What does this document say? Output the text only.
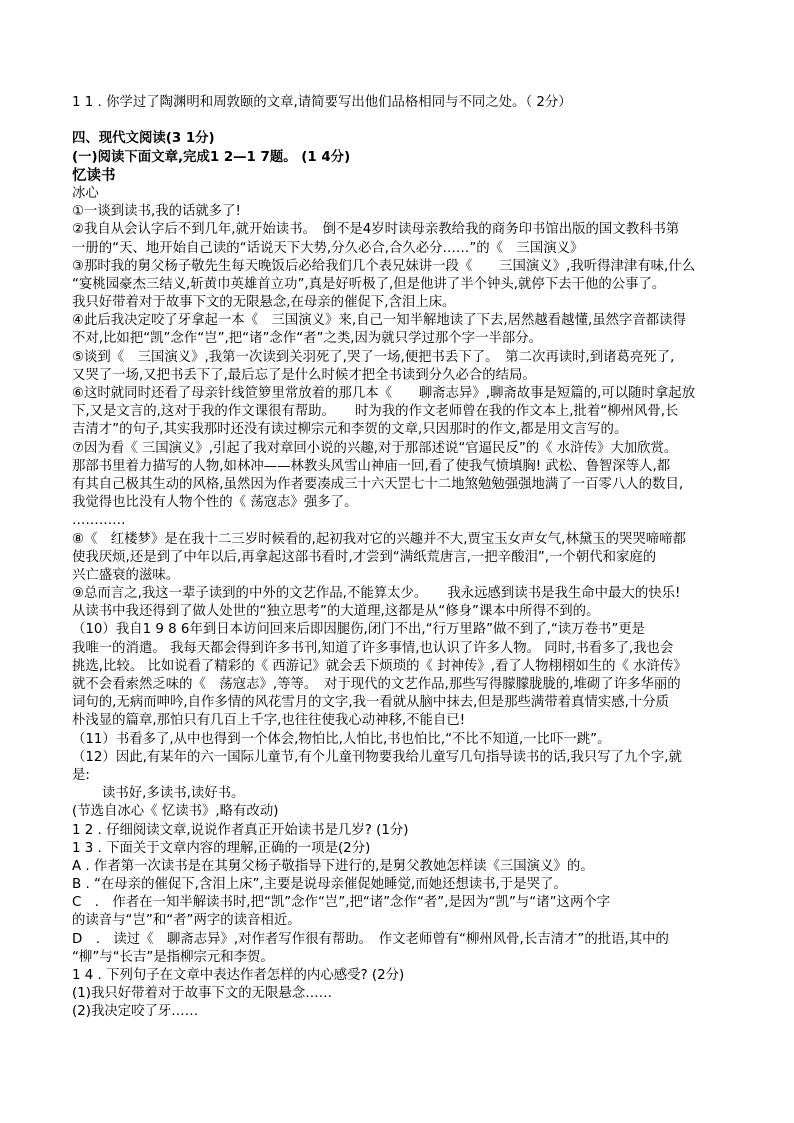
1 1 . 你学过了陶渊明和周敦颐的文章,请简要写出他们品格相同与不同之处。（ 2分）
四、现代文阅读(3 1分)
(一)阅读下面文章,完成1 2—1 7题。 (1 4分)
忆读书
冰心
①一谈到读书,我的话就多了!
②我自从会认字后不到几年,就开始读书。　倒不是4岁时读母亲教给我的商务印书馆出版的国文教科书第
一册的“天、地开始自己读的“话说天下大势,分久必合,合久必分……”的《　三国演义》
③那时我的舅父杨子敬先生每天晚饭后必给我们几个表兄妹讲一段《　　三国演义》,我听得津津有味,什么
“宴桃园豪杰三结义,斩黄巾英雄首立功”,真是好听极了,但是他讲了半个钟头,就停下去干他的公事了。
我只好带着对于故事下文的无限悬念,在母亲的催促下,含泪上床。
④此后我决定咬了牙拿起一本《　三国演义》来,自己一知半解地读了下去,居然越看越懂,虽然字音都读得
不对,比如把“凯”念作“岂”,把“诸”念作“者”之类,因为就只学过那个字一半部分。
⑤谈到《　三国演义》,我第一次读到关羽死了,哭了一场,便把书丢下了。　第二次再读时,到诸葛亮死了,
又哭了一场,又把书丢下了,最后忘了是什么时候才把全书读到分久必合的结局。
⑥这时就同时还看了母亲针线笸箩里常放着的那几本《　　聊斋志异》,聊斋故事是短篇的,可以随时拿起放
下,又是文言的,这对于我的作文课很有帮助。　　时为我的作文老师曾在我的作文本上,批着“柳州风骨,长
吉清才”的句子,其实我那时还没有读过柳宗元和李贺的文章,只因那时的作文,都是用文言写的。
⑦因为看《 三国演义》,引起了我对章回小说的兴趣,对于那部述说“官逼民反”的《 水浒传》大加欣赏。
那部书里着力描写的人物,如林冲——林教头风雪山神庙一回,看了使我气愤填胸! 武松、鲁智深等人,都
有其自己极其生动的风格,虽然因为作者要凑成三十六天罡七十二地煞勉勉强强地满了一百零八人的数目,
我觉得也比没有人物个性的《 荡寇志》强多了。
…………
⑧《　红楼梦》是在我十二三岁时候看的,起初我对它的兴趣并不大,贾宝玉女声女气,林黛玉的哭哭啼啼都
使我厌烦,还是到了中年以后,再拿起这部书看时,才尝到“满纸荒唐言,一把辛酸泪”,一个朝代和家庭的
兴亡盛衰的滋味。
⑨总而言之,我这一辈子读到的中外的文艺作品,不能算太少。　　我永远感到读书是我生命中最大的快乐!
从读书中我还得到了做人处世的“独立思考”的大道理,这都是从“修身”课本中所得不到的。
（10）我自1 9 8 6年到日本访问回来后即因腿伤,闭门不出,“行万里路”做不到了,“读万卷书”更是
我唯一的消遣。 我每天都会得到许多书刊,知道了许多事情,也认识了许多人物。 同时,书看多了,我也会
挑选,比较。 比如说看了精彩的《 西游记》就会丢下烦琐的《 封神传》,看了人物栩栩如生的《 水浒传》
就不会看索然乏味的《　荡寇志》,等等。　对于现代的文艺作品,那些写得朦朦胧胧的,堆砌了许多华丽的
词句的,无病而呻吟,自作多情的风花雪月的文字,我一看就从脑中抹去,但是那些满带着真情实感,十分质
朴浅显的篇章,那怕只有几百上千字,也往往使我心动神移,不能自已!
（11）书看多了,从中也得到一个体会,物怕比,人怕比,书也怕比,“不比不知道,一比吓一跳”。
（12）因此,有某年的六一国际儿童节,有个儿童刊物要我给儿童写几句指导读书的话,我只写了九个字,就
是:
读书好,多读书,读好书。
(节选自冰心《 忆读书》,略有改动)
1 2 . 仔细阅读文章,说说作者真正开始读书是几岁? (1分)
1 3 . 下面关于文章内容的理解,正确的一项是(2分)
A . 作者第一次读书是在其舅父杨子敬指导下进行的,是舅父教她怎样读《三国演义》的。
B . “在母亲的催促下,含泪上床”,主要是说母亲催促她睡觉,而她还想读书,于是哭了。
C　.　作者在一知半解读书时,把“凯”念作“岂”,把“诸”念作“者”,是因为“凯”与“诸”这两个字
的读音与“岂”和“者”两字的读音相近。
D　.　读过《　聊斋志异》,对作者写作很有帮助。　作文老师曾有“柳州风骨,长吉清才”的批语,其中的
“柳”与“长吉”是指柳宗元和李贺。
1 4 . 下列句子在文章中表达作者怎样的内心感受? (2分)
(1)我只好带着对于故事下文的无限悬念……
(2)我决定咬了牙……
